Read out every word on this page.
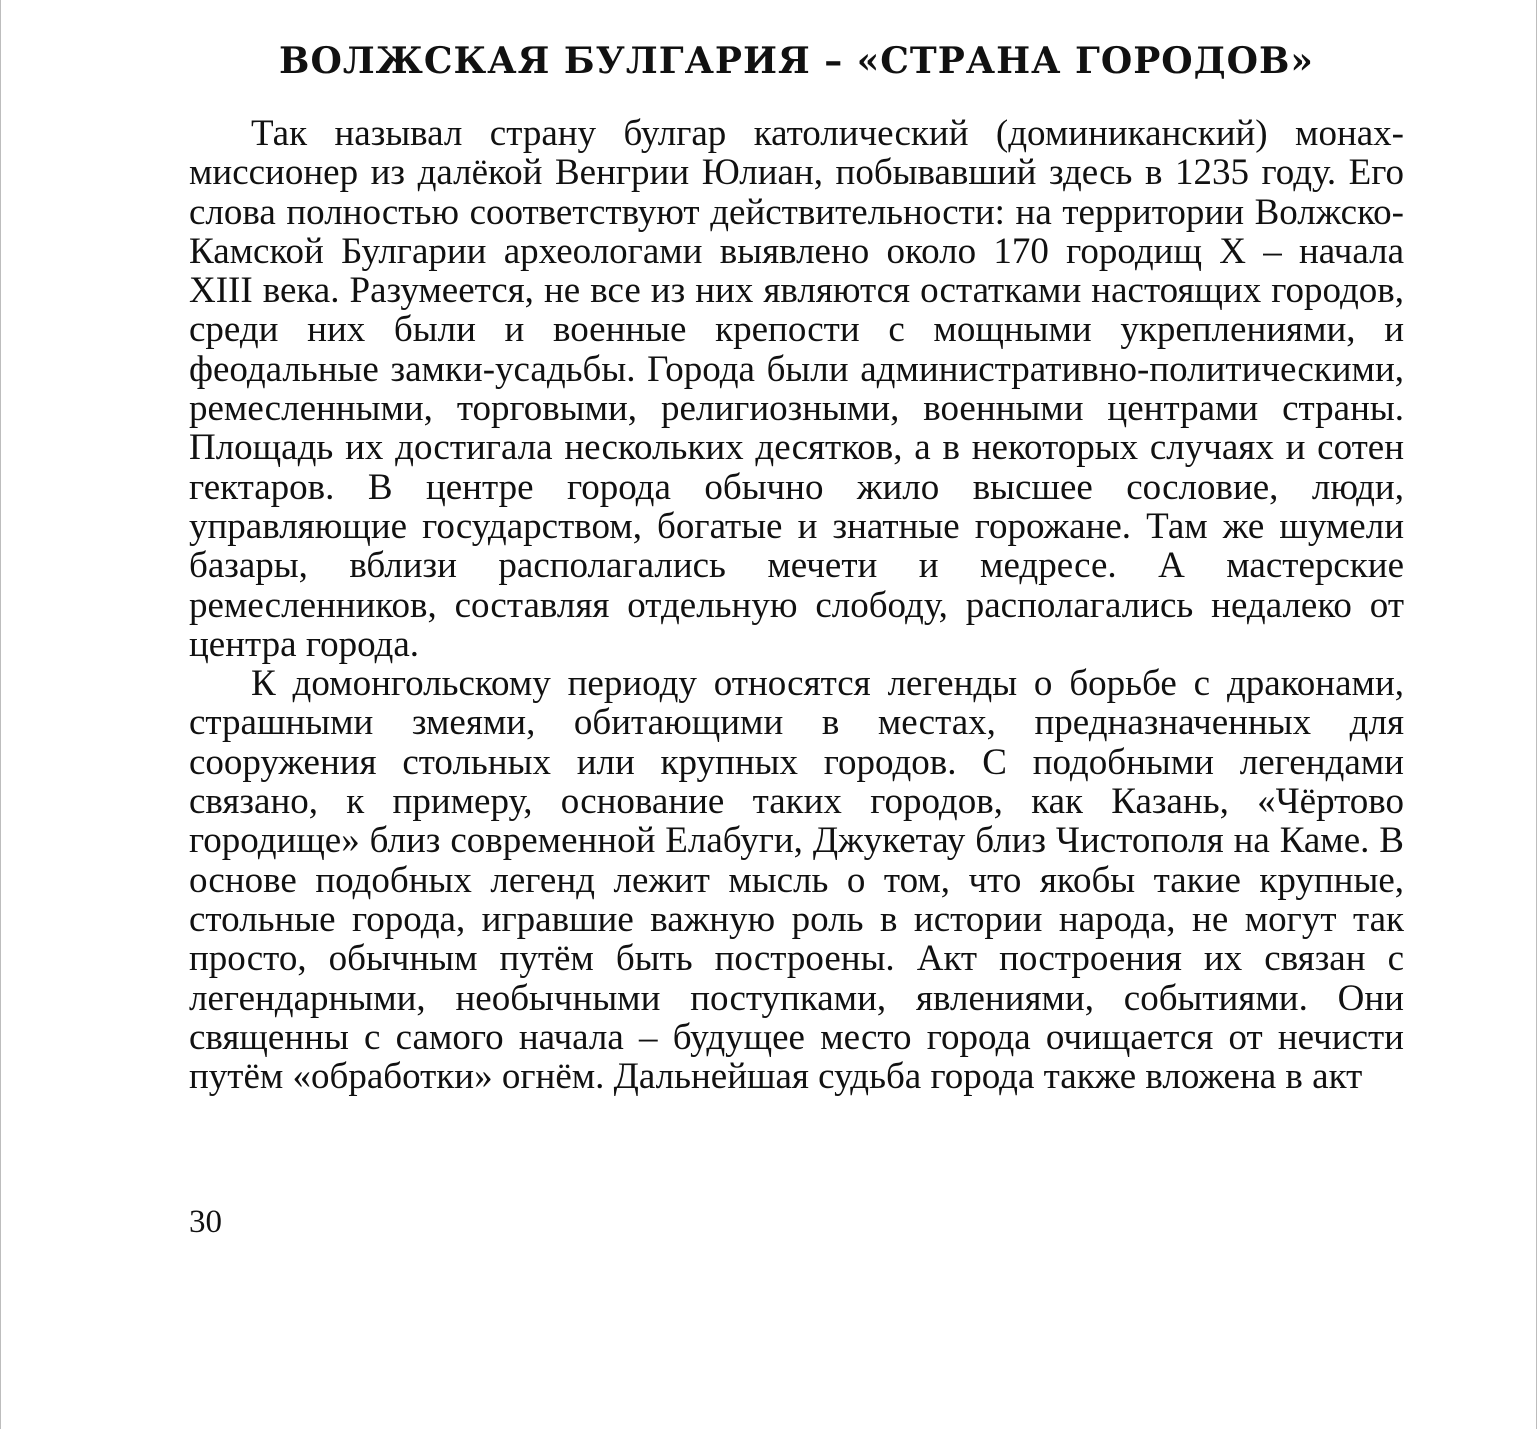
ВОЛЖСКАЯ БУЛГАРИЯ – «СТРАНА ГОРОДОВ»

Так называл страну булгар католический (доминиканский) монах-миссионер из далёкой Венгрии Юлиан, побывавший здесь в 1235 году. Его слова полностью соответствуют действительности: на территории Волжско-Камской Булгарии археологами выявлено около 170 городищ X – начала XIII века. Разумеется, не все из них являются остатками настоящих городов, среди них были и военные крепости с мощными укреплениями, и феодальные замки-усадьбы. Города были административно-политическими, ремесленными, торговыми, религиозными, военными центрами страны. Площадь их достигала нескольких десятков, а в некоторых случаях и сотен гектаров. В центре города обычно жило высшее сословие, люди, управляющие государством, богатые и знатные горожане. Там же шумели базары, вблизи располагались мечети и медресе. А мастерские ремесленников, составляя отдельную слободу, располагались недалеко от центра города.

К домонгольскому периоду относятся легенды о борьбе с драконами, страшными змеями, обитающими в местах, предназначенных для сооружения стольных или крупных городов. С подобными легендами связано, к примеру, основание таких городов, как Казань, «Чёртово городище» близ современной Елабуги, Джукетау близ Чистополя на Каме. В основе подобных легенд лежит мысль о том, что якобы такие крупные, стольные города, игравшие важную роль в истории народа, не могут так просто, обычным путём быть построены. Акт построения их связан с легендарными, необычными поступками, явлениями, событиями. Они священны с самого начала – будущее место города очищается от нечисти путём «обработки» огнём. Дальнейшая судьба города также вложена в акт

30
